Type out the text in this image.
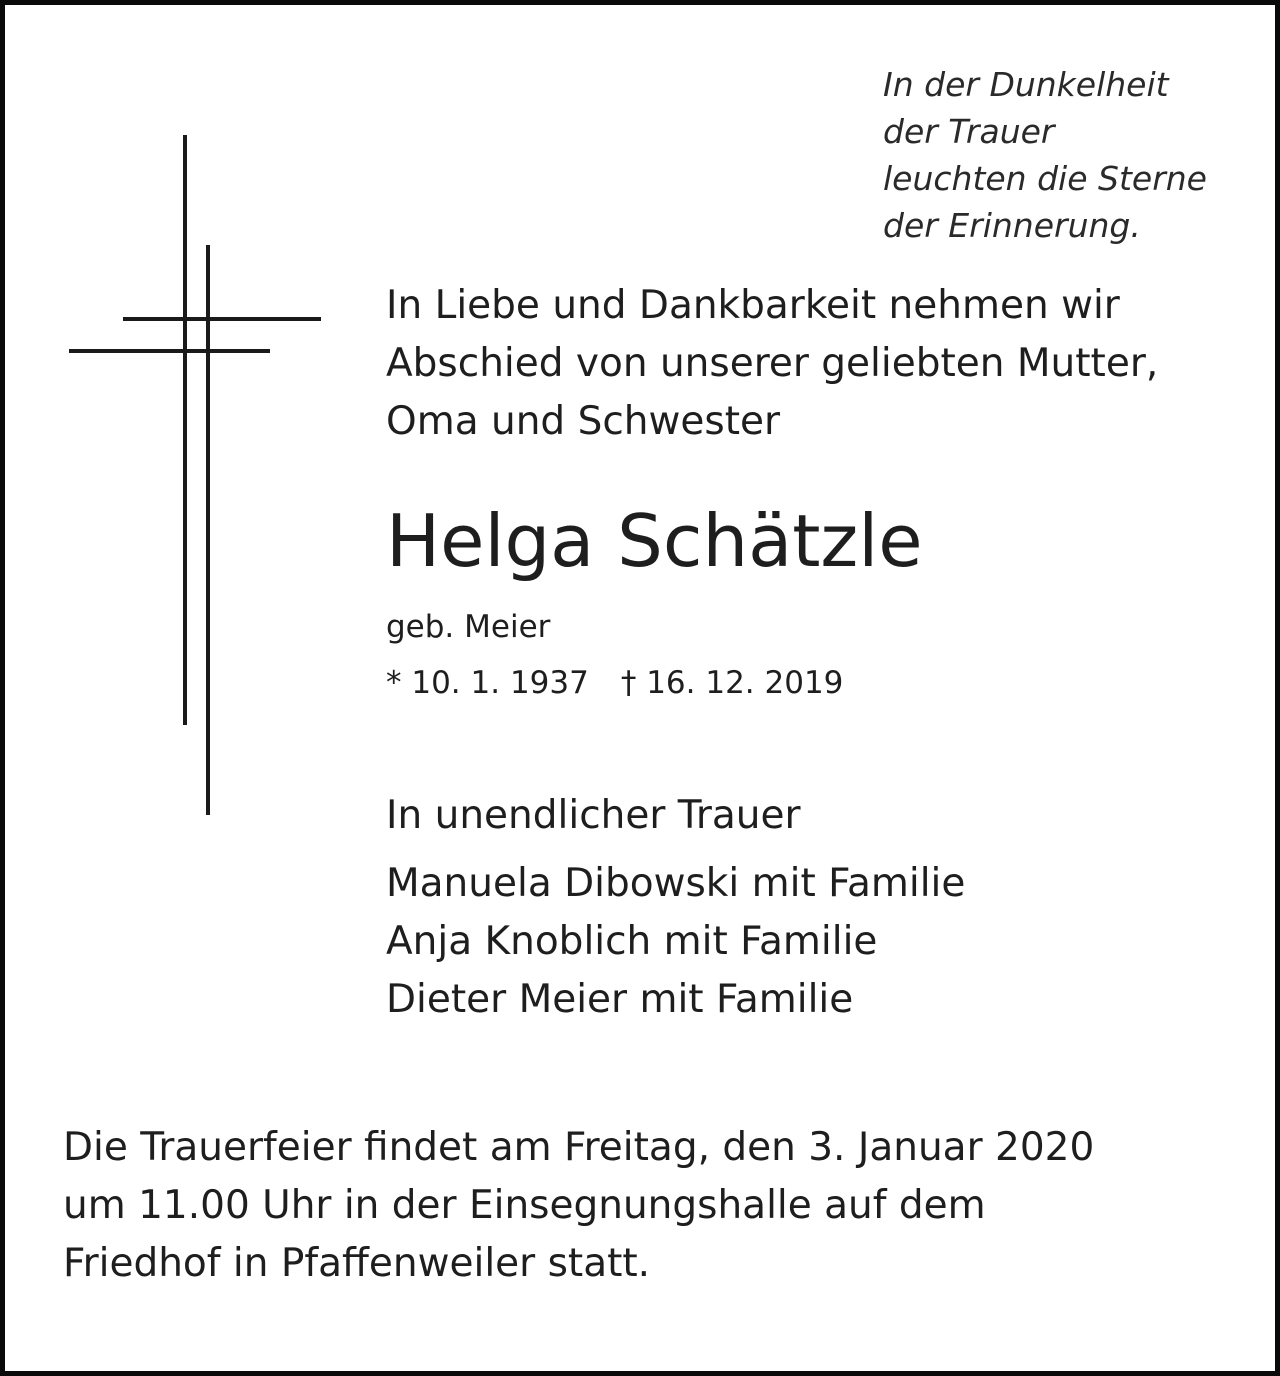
In der Dunkelheit
der Trauer
leuchten die Sterne
der Erinnerung.
In Liebe und Dankbarkeit nehmen wir
Abschied von unserer geliebten Mutter,
Oma und Schwester
Helga Schätzle
geb. Meier
* 10. 1. 1937 † 16. 12. 2019
In unendlicher Trauer
Manuela Dibowski mit Familie
Anja Knoblich mit Familie
Dieter Meier mit Familie
Die Trauerfeier findet am Freitag, den 3. Januar 2020
um 11.00 Uhr in der Einsegnungshalle auf dem
Friedhof in Pfaffenweiler statt.
